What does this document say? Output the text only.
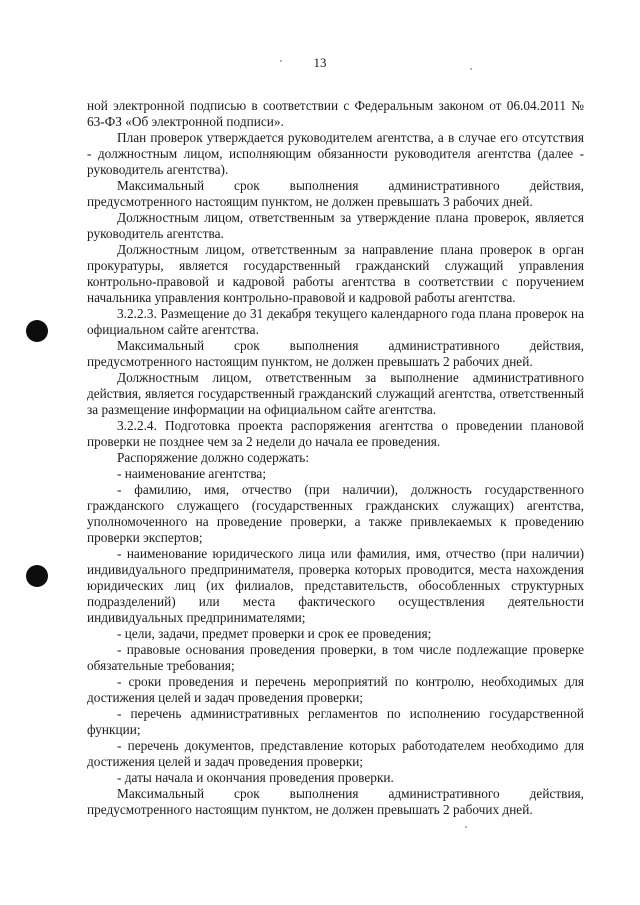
13

ной электронной подписью в соответствии с Федеральным законом от 06.04.2011 № 63-ФЗ «Об электронной подписи».

План проверок утверждается руководителем агентства, а в случае его отсутствия - должностным лицом, исполняющим обязанности руководителя агентства (далее - руководитель агентства).

Максимальный срок выполнения административного действия, предусмотренного настоящим пунктом, не должен превышать 3 рабочих дней.

Должностным лицом, ответственным за утверждение плана проверок, является руководитель агентства.

Должностным лицом, ответственным за направление плана проверок в орган прокуратуры, является государственный гражданский служащий управления контрольно-правовой и кадровой работы агентства в соответствии с поручением начальника управления контрольно-правовой и кадровой работы агентства.

3.2.2.3. Размещение до 31 декабря текущего календарного года плана проверок на официальном сайте агентства.

Максимальный срок выполнения административного действия, предусмотренного настоящим пунктом, не должен превышать 2 рабочих дней.

Должностным лицом, ответственным за выполнение административного действия, является государственный гражданский служащий агентства, ответственный за размещение информации на официальном сайте агентства.

3.2.2.4. Подготовка проекта распоряжения агентства о проведении плановой проверки не позднее чем за 2 недели до начала ее проведения.

Распоряжение должно содержать:

- наименование агентства;

- фамилию, имя, отчество (при наличии), должность государственного гражданского служащего (государственных гражданских служащих) агентства, уполномоченного на проведение проверки, а также привлекаемых к проведению проверки экспертов;

- наименование юридического лица или фамилия, имя, отчество (при наличии) индивидуального предпринимателя, проверка которых проводится, места нахождения юридических лиц (их филиалов, представительств, обособленных структурных подразделений) или места фактического осуществления деятельности индивидуальных предпринимателями;

- цели, задачи, предмет проверки и срок ее проведения;

- правовые основания проведения проверки, в том числе подлежащие проверке обязательные требования;

- сроки проведения и перечень мероприятий по контролю, необходимых для достижения целей и задач проведения проверки;

- перечень административных регламентов по исполнению государственной функции;

- перечень документов, представление которых работодателем необходимо для достижения целей и задач проведения проверки;

- даты начала и окончания проведения проверки.

Максимальный срок выполнения административного действия, предусмотренного настоящим пунктом, не должен превышать 2 рабочих дней.
